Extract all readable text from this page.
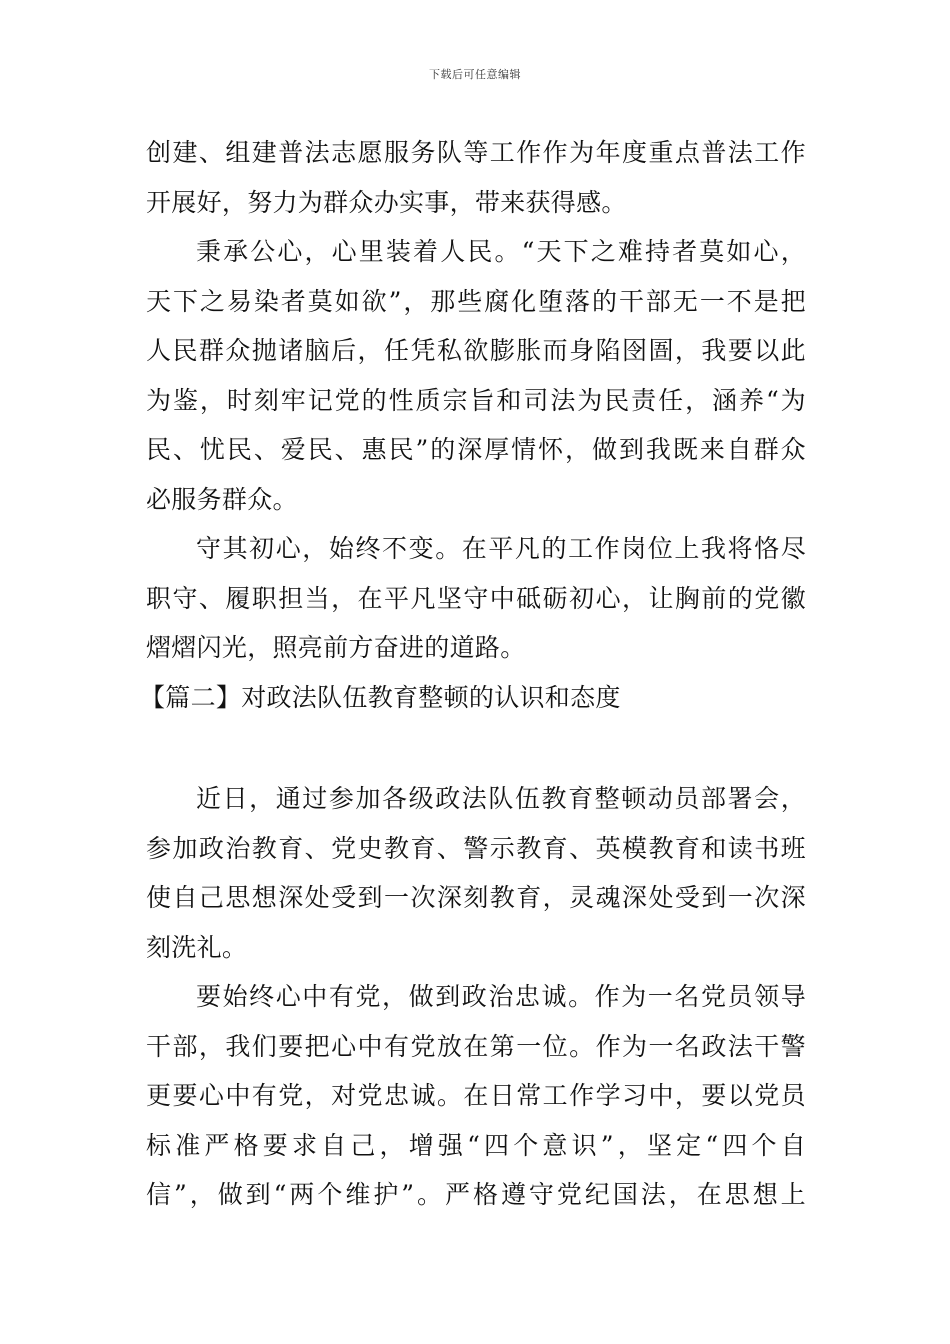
下载后可任意编辑
创建、组建普法志愿服务队等工作作为年度重点普法工作
开展好，努力为群众办实事，带来获得感。
秉承公心，心里装着人民。“天下之难持者莫如心，
天下之易染者莫如欲”，那些腐化堕落的干部无一不是把
人民群众抛诸脑后，任凭私欲膨胀而身陷囹圄，我要以此
为鉴，时刻牢记党的性质宗旨和司法为民责任，涵养“为
民、忧民、爱民、惠民”的深厚情怀，做到我既来自群众
必服务群众。
守其初心，始终不变。在平凡的工作岗位上我将恪尽
职守、履职担当，在平凡坚守中砥砺初心，让胸前的党徽
熠熠闪光，照亮前方奋进的道路。
【篇二】对政法队伍教育整顿的认识和态度
近日，通过参加各级政法队伍教育整顿动员部署会，
参加政治教育、党史教育、警示教育、英模教育和读书班
使自己思想深处受到一次深刻教育，灵魂深处受到一次深
刻洗礼。
要始终心中有党，做到政治忠诚。作为一名党员领导
干部，我们要把心中有党放在第一位。作为一名政法干警
更要心中有党，对党忠诚。在日常工作学习中，要以党员
标准严格要求自己，增强“四个意识”，坚定“四个自
信”，做到“两个维护”。严格遵守党纪国法，在思想上
